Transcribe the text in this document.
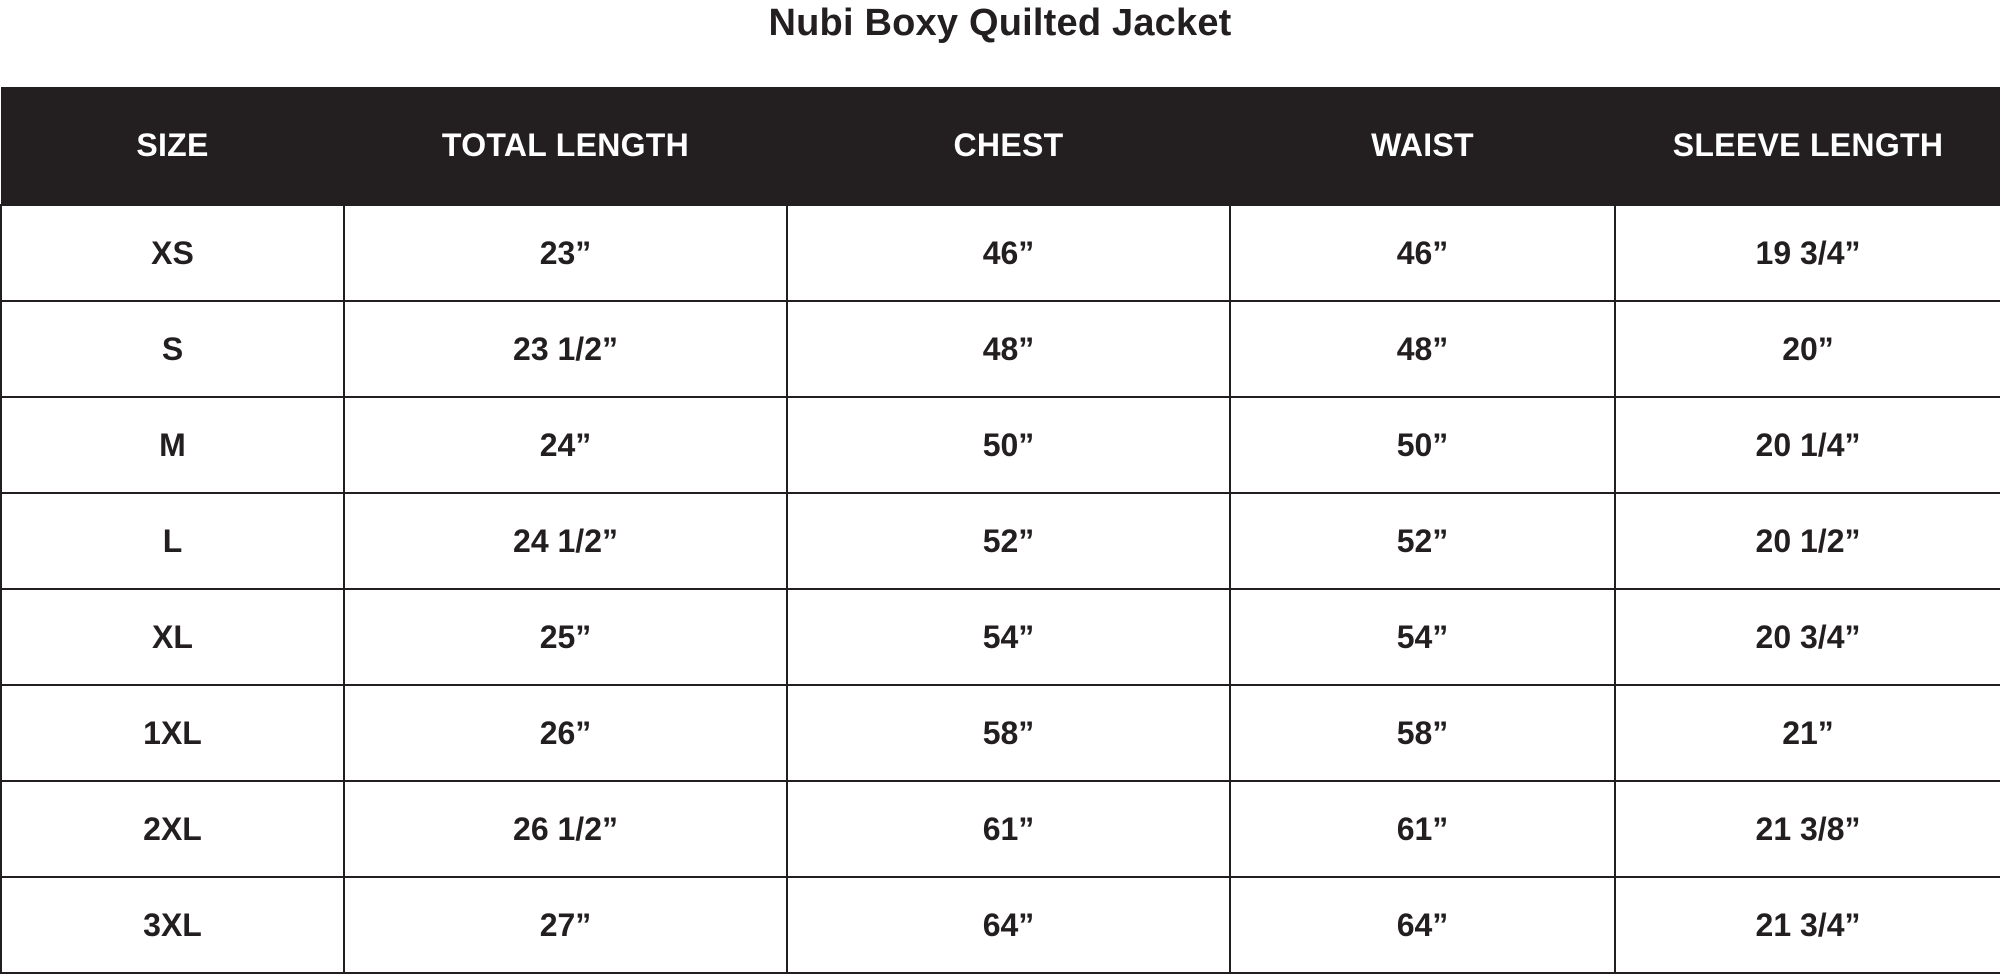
Nubi Boxy Quilted Jacket
SIZE	TOTAL LENGTH	CHEST	WAIST	SLEEVE LENGTH
XS	23”	46”	46”	19 3/4”
S	23 1/2”	48”	48”	20”
M	24”	50”	50”	20 1/4”
L	24 1/2”	52”	52”	20 1/2”
XL	25”	54”	54”	20 3/4”
1XL	26”	58”	58”	21”
2XL	26 1/2”	61”	61”	21 3/8”
3XL	27”	64”	64”	21 3/4”
